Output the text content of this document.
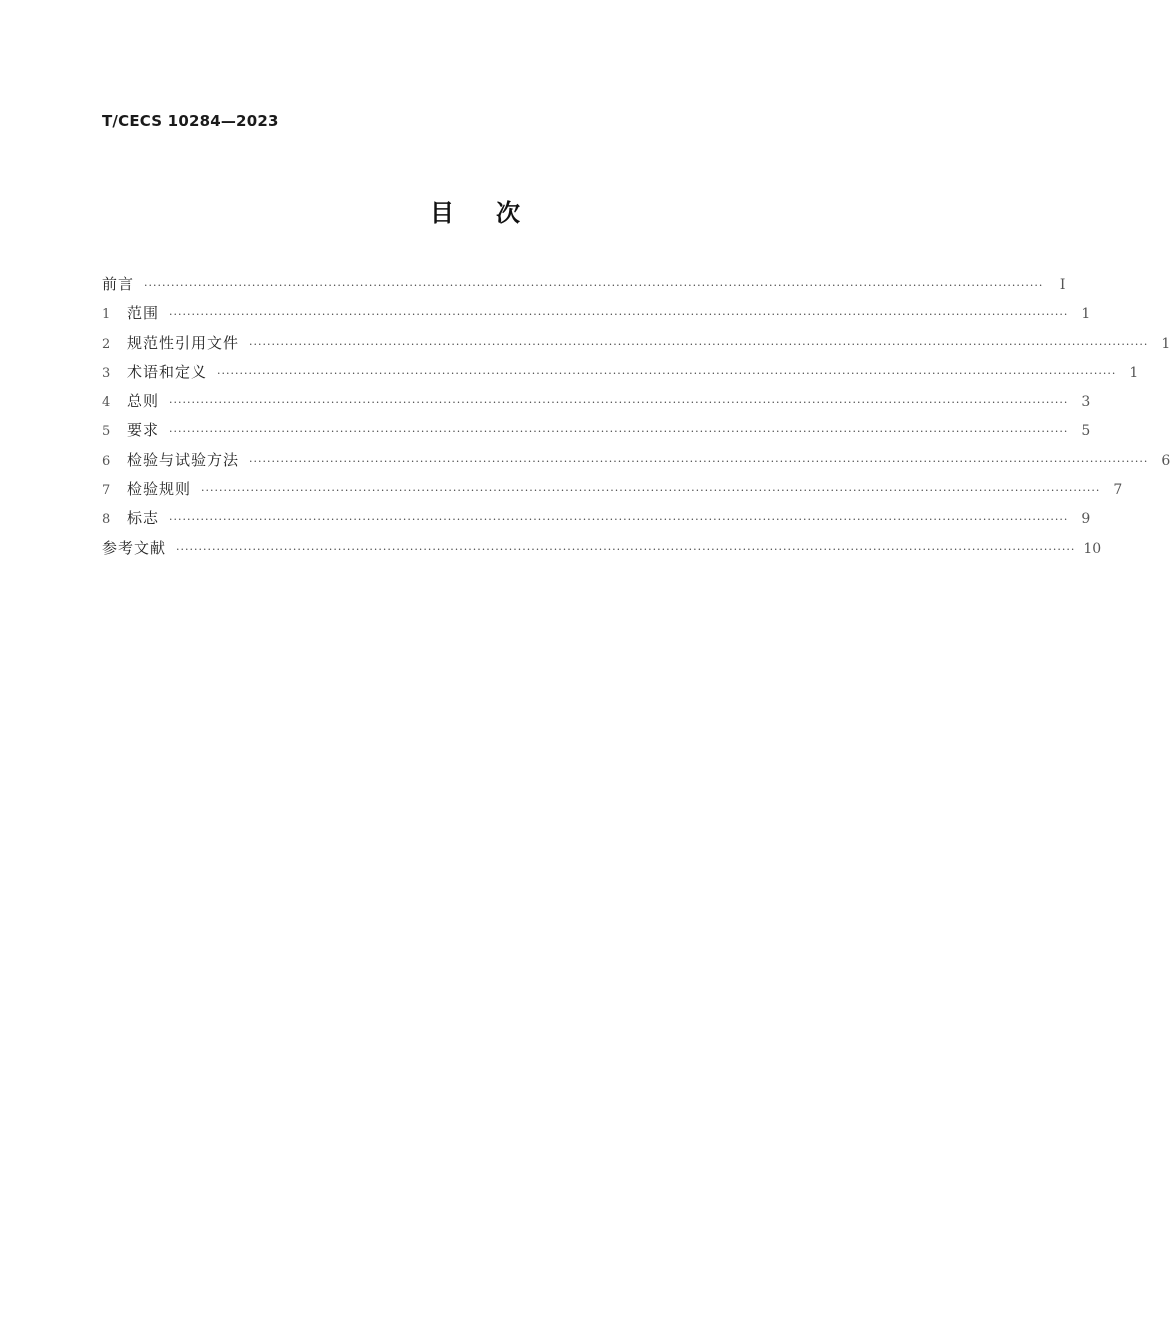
T/CECS 10284—2023
目次
前言 ········································································································································································································	I
1	范围 ········································································································································································································ 1
2	规范性引用文件 ········································································································································································································ 1
3	术语和定义 ········································································································································································································ 1
4	总则 ········································································································································································································ 3
5	要求 ········································································································································································································ 5
6	检验与试验方法 ········································································································································································································ 6
7	检验规则 ········································································································································································································ 7
8	标志 ········································································································································································································ 9
参考文献 ········································································································································································································ 10
